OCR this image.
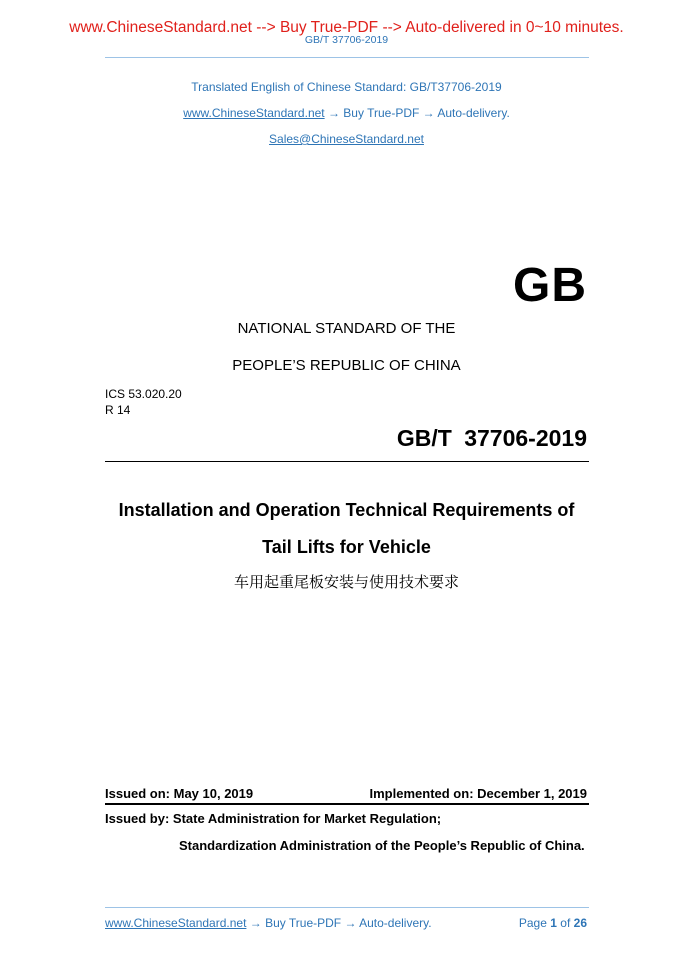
www.ChineseStandard.net --> Buy True-PDF --> Auto-delivered in 0~10 minutes.
GB/T 37706-2019
Translated English of Chinese Standard: GB/T37706-2019
www.ChineseStandard.net → Buy True-PDF → Auto-delivery.
Sales@ChineseStandard.net
GB
NATIONAL STANDARD OF THE
PEOPLE’S REPUBLIC OF CHINA
ICS 53.020.20
R 14
GB/T 37706-2019
Installation and Operation Technical Requirements of
Tail Lifts for Vehicle
车用起重尾板安装与使用技术要求
Issued on: May 10, 2019	Implemented on: December 1, 2019
Issued by: State Administration for Market Regulation;
Standardization Administration of the People’s Republic of China.
www.ChineseStandard.net → Buy True-PDF → Auto-delivery.	Page 1 of 26
